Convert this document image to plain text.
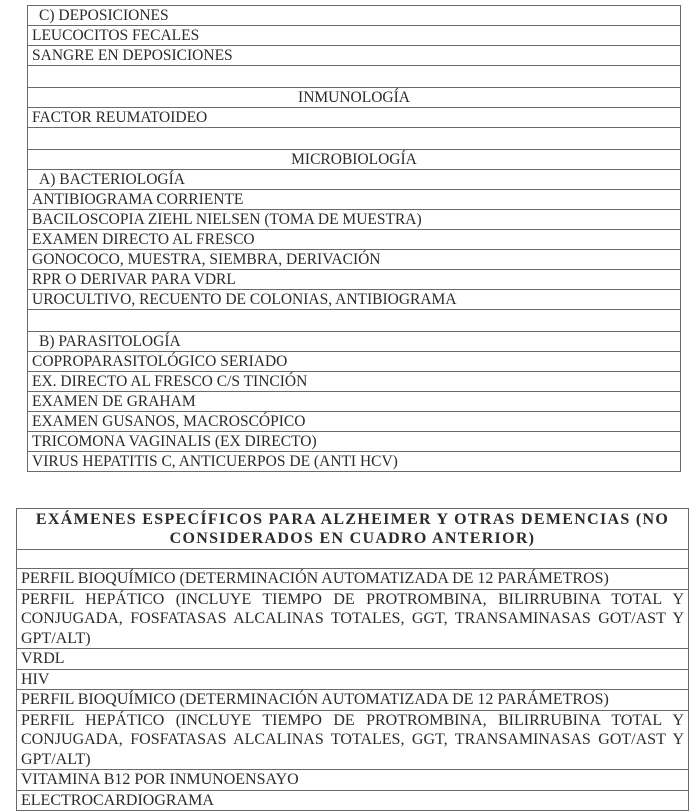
C) DEPOSICIONES
LEUCOCITOS FECALES
SANGRE EN DEPOSICIONES

INMUNOLOGÍA
FACTOR REUMATOIDEO

MICROBIOLOGÍA
A) BACTERIOLOGÍA
ANTIBIOGRAMA CORRIENTE
BACILOSCOPIA ZIEHL NIELSEN (TOMA DE MUESTRA)
EXAMEN DIRECTO AL FRESCO
GONOCOCO, MUESTRA, SIEMBRA, DERIVACIÓN
RPR O DERIVAR PARA VDRL
UROCULTIVO, RECUENTO DE COLONIAS, ANTIBIOGRAMA

B) PARASITOLOGÍA
COPROPARASITOLÓGICO SERIADO
EX. DIRECTO AL FRESCO C/S TINCIÓN
EXAMEN DE GRAHAM
EXAMEN GUSANOS, MACROSCÓPICO
TRICOMONA VAGINALIS (EX DIRECTO)
VIRUS HEPATITIS C, ANTICUERPOS DE (ANTI HCV)
EXÁMENES ESPECÍFICOS PARA ALZHEIMER Y OTRAS DEMENCIAS (NO CONSIDERADOS EN CUADRO ANTERIOR)

PERFIL BIOQUÍMICO (DETERMINACIÓN AUTOMATIZADA DE 12 PARÁMETROS)
PERFIL HEPÁTICO (INCLUYE TIEMPO DE PROTROMBINA, BILIRRUBINA TOTAL Y CONJUGADA, FOSFATASAS ALCALINAS TOTALES, GGT, TRANSAMINASAS GOT/AST Y GPT/ALT)
VRDL
HIV
PERFIL BIOQUÍMICO (DETERMINACIÓN AUTOMATIZADA DE 12 PARÁMETROS)
PERFIL HEPÁTICO (INCLUYE TIEMPO DE PROTROMBINA, BILIRRUBINA TOTAL Y CONJUGADA, FOSFATASAS ALCALINAS TOTALES, GGT, TRANSAMINASAS GOT/AST Y GPT/ALT)
VITAMINA B12 POR INMUNOENSAYO
ELECTROCARDIOGRAMA
